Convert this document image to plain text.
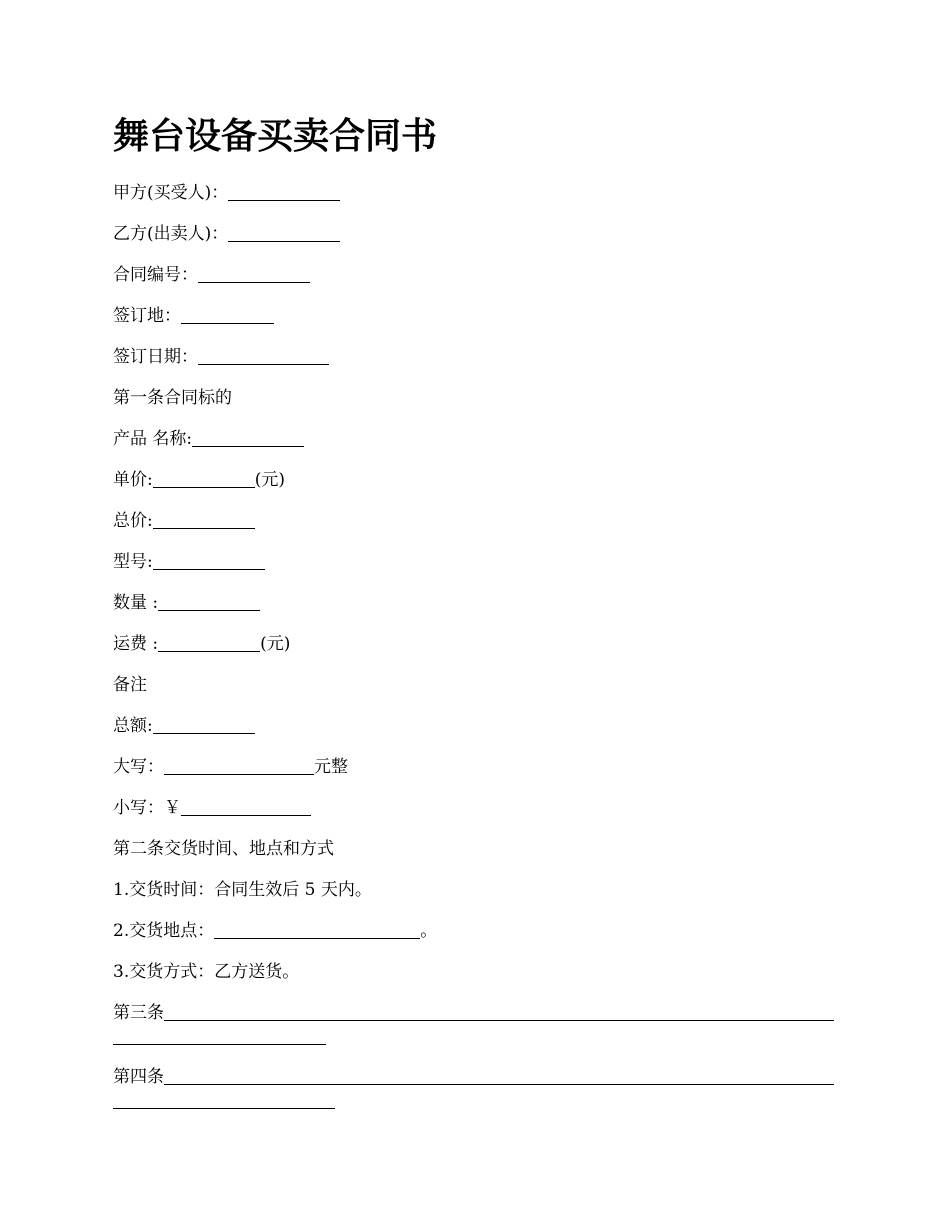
舞台设备买卖合同书
甲方(买受人)：
乙方(出卖人)：
合同编号：
签订地：
签订日期：
第一条合同标的
产品 名称:
单价:	(元)
总价:
型号:
数量 :
运费 :	(元)
备注
总额:
大写：	元整
小写：￥
第二条交货时间、地点和方式
1.交货时间：合同生效后 5 天内。
2.交货地点：	。
3.交货方式：乙方送货。
第三条

第四条
